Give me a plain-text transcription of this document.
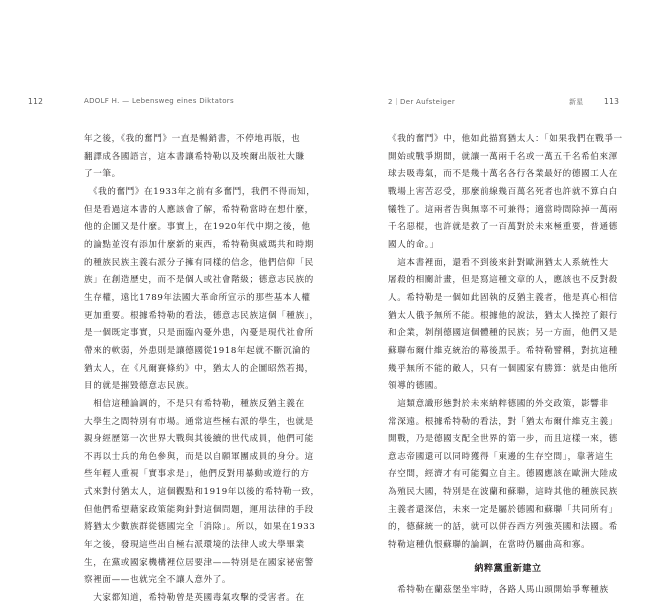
112	ADOLF H. — Lebensweg eines Diktators

年之後，《我的奮鬥》一直是暢銷書，不停地再版，也

翻譯成各國語言，這本書讓希特勒以及埃爾出版社大賺

了一筆。

　《我的奮鬥》在1933年之前有多奮鬥，我們不得而知，

但是看過這本書的人應該會了解，希特勒當時在想什麼，

他的企圖又是什麼。事實上，在1920年代中期之後，他

的論點並沒有添加什麼新的東西，希特勒與威瑪共和時期

的種族民族主義右派分子擁有同樣的信念，他們信仰「民

族」在創造歷史，而不是個人或社會階級；德意志民族的

生存權，遠比1789年法國大革命所宣示的那些基本人權

更加重要。根據希特勒的看法，德意志民族這個「種族」，

是一個既定事實，只是面臨內憂外患，內憂是現代社會所

帶來的軟弱，外患則是讓德國從1918年起就不斷沉淪的

猶太人，在《凡爾賽條約》中，猶太人的企圖昭然若揭，

目的就是摧毀德意志民族。

　相信這種論調的，不是只有希特勒，種族反猶主義在

大學生之間特別有市場。通常這些極右派的學生，也就是

親身經歷第一次世界大戰與其後續的世代成員，他們可能

不再以士兵的角色參與，而是以自願軍團成員的身分。這

些年輕人重視「實事求是」，他們反對用暴動或遊行的方

式來對付猶太人，這個觀點和1919年以後的希特勒一致，

但他們希望藉家政策能夠針對這個問題，運用法律的手段

將猶太少數族群從德國完全「消除」。所以，如果在1933

年之後，發現這些出自極右派環境的法律人或大學畢業

生，在黨或國家機構裡位居要津——特別是在國家祕密警

察裡面——也就完全不讓人意外了。

　大家都知道，希特勒曾是英國毒氣攻擊的受害者。在

2｜Der Aufsteiger	新星	113

《我的奮鬥》中，他如此描寫猶太人：「如果我們在戰爭一

開始或戰爭期間，就讓一萬兩千名或一萬五千名希伯來渾

球去吸毒氣，而不是幾十萬名各行各業最好的德國工人在

戰場上害苦忍受，那麼前線幾百萬名死者也許就不算白白

犧牲了。這兩者告與無辜不可兼得；適當時間除掉一萬兩

千名惡棍，也許就是救了一百萬對於未來極重要，普通德

國人的命。」

　這本書裡面，還看不到後來針對歐洲猶太人系統性大

屠殺的相關計畫，但是寫這種文章的人，應該也不反對殺

人。希特勒是一個如此固執的反猶主義者，他是真心相信

猶太人俄予無所不能。根據他的說法，猶太人操控了銀行

和企業，剝削德國這個體種的民族；另一方面，他們又是

蘇聯布爾什維克統治的幕後黑手。希特勒譬稱，對抗這種

幾乎無所不能的敵人，只有一個國家有勝算：就是由他所

領導的德國。

　這類意識形態對於未來納粹德國的外交政策，影響非

常深遠。根據希特勒的看法，對「猶太布爾什維克主義」

開戰，乃是德國支配全世界的第一步，而且這樣一來，德

意志帝國還可以同時獲得「東邊的生存空間」，靠著這生

存空間，經濟才有可能獨立自主。德國應該在歐洲大陸成

為殖民大國，特別是在波蘭和蘇聯，這時其他的種族民族

主義者還深信，未來一定是屬於德國和蘇聯「共同所有」

的，德蘇統一的話，就可以併吞西方列強英國和法國。希

特勒這種仇恨蘇聯的論調，在當時仍屬曲高和寡。

納粹黨重新建立

　希特勒在蘭茲堡坐牢時，各路人馬山頭開始爭奪種族
